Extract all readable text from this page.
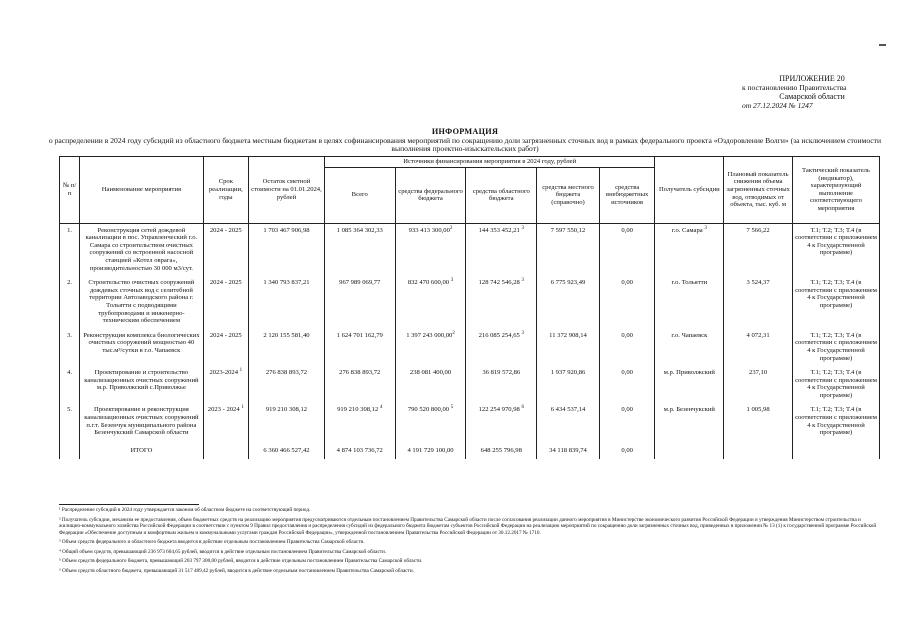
ПРИЛОЖЕНИЕ 20
к постановлению Правительства
Самарской области
от 27.12.2024 № 1247
ИНФОРМАЦИЯ
о распределении в 2024 году субсидий из областного бюджета местным бюджетам в целях софинансирования мероприятий по сокращению доли загрязненных сточных вод в рамках федерального проекта «Оздоровление Волги» (за исключением стоимости выполнения проектно-изыскательских работ)
№ п/п	Наименование мероприятия	Срок реализации, годы	Остаток сметной стоимости на 01.01.2024, рублей	Источники финансирования мероприятия в 2024 году, рублей					Получатель субсидии	Плановый показатель снижения объема загрязненных сточных вод, отводимых от объекта, тыс. куб. м	Тактический показатель (индикатор), характеризующий выполнение соответствующего мероприятия
				Всего	средства федерального бюджета	средства областного бюджета	средства местного бюджета (справочно)	средства внебюджетных источников			
1.	Реконструкция сетей дождевой канализации в пос. Управленческий г.о. Самара со строительством очистных сооружений со встроенной насосной станцией «Котел оврага», производительностью 30 000 м3/сут.	2024 - 2025	1 703 467 906,98	1 085 364 302,33	933 413 300,00$^2$	144 353 452,21 $^3$	7 597 550,12	0,00	г.о. Самара $^3$	7 566,22	Т.1; Т.2; Т.3; Т.4 (в соответствии с приложением 4 к Государственной программе)
2.	Строительство очистных сооружений дождевых сточных вод с селитебной территории Автозаводского района г. Тольятти с подводящими трубопроводами и инженерно-техническим обеспечением	2024 - 2025	1 340 793 837,21	967 989 069,77	832 470 600,00 $^3$	128 742 546,28 $^3$	6 775 923,49	0,00	г.о. Тольятти	3 524,37	Т.1; Т.2; Т.3; Т.4 (в соответствии с приложением 4 к Государственной программе)
3.	Реконструкция комплекса биологических очистных сооружений мощностью 40 тыс.м³/сутки в г.о. Чапаевск	2024 - 2025	2 120 155 581,40	1 624 701 162,79	1 397 243 000,00$^2$	216 085 254,65 $^3$	11 372 908,14	0,00	г.о. Чапаевск	4 072,31	Т.1; Т.2; Т.3; Т.4 (в соответствии с приложением 4 к Государственной программе)
4.	Проектирование и строительство канализационных очистных сооружений м.р. Приволжский с.Приволжье	2023-2024 $^1$	276 838 893,72	276 838 893,72	238 081 400,00	36 819 572,86	1 937 920,86	0,00	м.р. Приволжский	237,10	Т.1; Т.2; Т.3; Т.4 (в соответствии с приложением 4 к Государственной программе)
5.	Проектирование и реконструкция канализационных очистных сооружений п.г.т. Безенчук муниципального района Безенчукский Самарской области	2023 - 2024 $^1$	919 210 308,12	919 210 308,12 $^4$	790 520 800,00 $^5$	122 254 970,98 $^6$	6 434 537,14	0,00	м.р. Безенчукский	1 005,98	Т.1; Т.2; Т.3; Т.4 (в соответствии с приложением 4 к Государственной программе)
	ИТОГО		6 360 466 527,42	4 874 103 736,72	4 191 729 100,00	648 255 796,98	34 118 839,74	0,00			

¹ Распределение субсидий в 2024 году утверждается законом об областном бюджете на соответствующий период.

² Получатель субсидии, механизм ее предоставления, объем бюджетных средств на реализацию мероприятия предусматриваются отдельным постановлением Правительства Самарской области после согласования реализации данного мероприятия в Министерстве экономического развития Российской Федерации и утверждения Министерством строительства и жилищно-коммунального хозяйства Российской Федерации в соответствии с пунктом 9 Правил предоставления и распределения субсидий из федерального бюджета бюджетам субъектов Российской Федерации на реализацию мероприятий по сокращению доли загрязненных сточных вод, приведенных в приложении № 13 (1) к государственной программе Российской Федерации «Обеспечение доступным и комфортным жильем и коммунальными услугами граждан Российской Федерации», утвержденной постановлением Правительства Российской Федерации от 30.12.2017 № 1710.

³ Объем средств федерального и областного бюджета вводится в действие отдельным постановлением Правительства Самарской области.

⁴ Общий объем средств, превышающий 236 973 604,65 рублей, вводится в действие отдельным постановлением Правительства Самарской области.

⁵ Объем средств федерального бюджета, превышающий 203 797 300,00 рублей, вводится в действие отдельным постановлением Правительства Самарской области.

⁶ Объем средств областного бюджета, превышающий 31 517 489,42 рублей, вводится в действие отдельным постановлением Правительства Самарской области.
